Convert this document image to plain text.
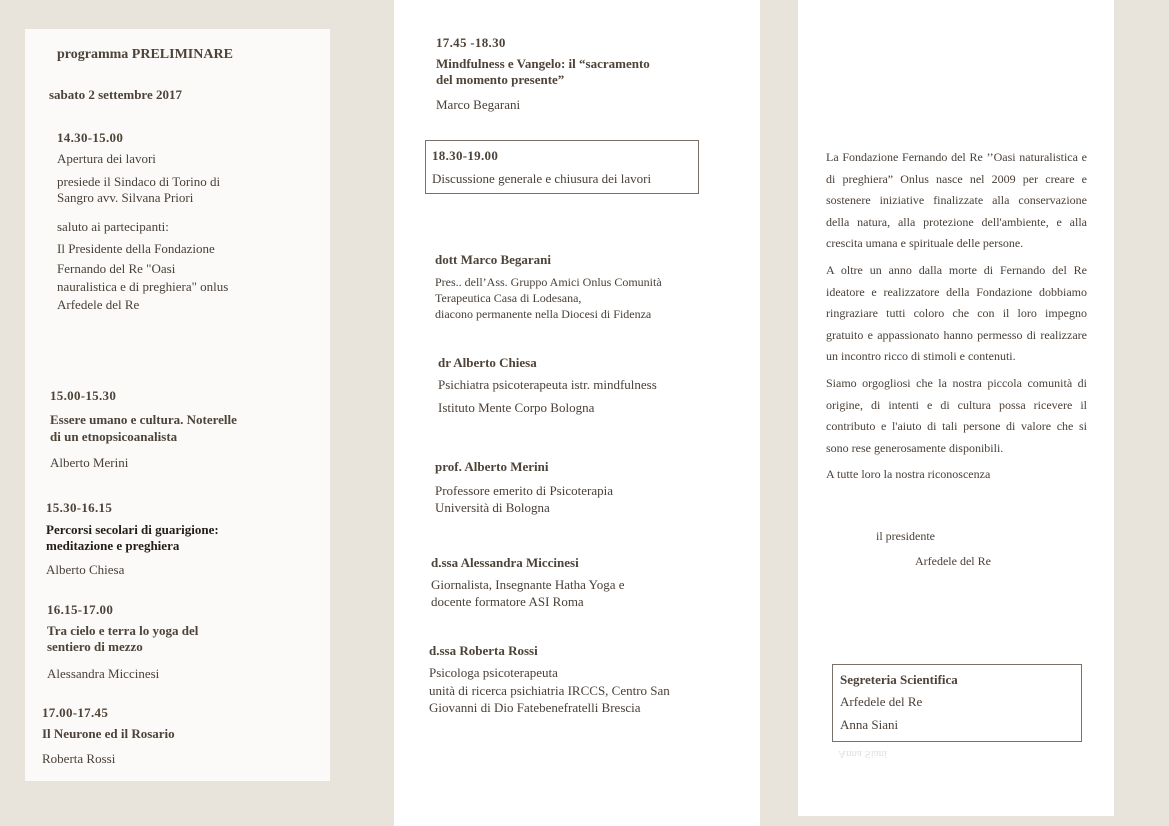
programma PRELIMINARE
sabato 2 settembre 2017
14.30-15.00
Apertura dei lavori
presiede il Sindaco di Torino di
Sangro avv. Silvana Priori
saluto ai partecipanti:
Il Presidente della Fondazione
Fernando del Re "Oasi
nauralistica e di preghiera" onlus
Arfedele del Re
15.00-15.30
Essere umano e cultura. Noterelle
di un etnopsicoanalista
Alberto Merini
15.30-16.15
Percorsi secolari di guarigione:
meditazione e preghiera
Alberto Chiesa
16.15-17.00
Tra cielo e terra lo yoga del
sentiero di mezzo
Alessandra Miccinesi
17.00-17.45
Il Neurone ed il Rosario
Roberta Rossi
17.45 -18.30
Mindfulness e Vangelo: il “sacramento
del momento presente”
Marco Begarani
18.30-19.00
Discussione generale e chiusura dei lavori
dott Marco Begarani
Pres.. dell’Ass. Gruppo Amici Onlus Comunità
Terapeutica Casa di Lodesana,
diacono permanente nella Diocesi di Fidenza
dr Alberto Chiesa
Psichiatra psicoterapeuta istr. mindfulness
Istituto Mente Corpo Bologna
prof. Alberto Merini
Professore emerito di Psicoterapia
Università di Bologna
d.ssa Alessandra Miccinesi
Giornalista, Insegnante Hatha Yoga e
docente formatore ASI Roma
d.ssa Roberta Rossi
Psicologa psicoterapeuta
unità di ricerca psichiatria IRCCS, Centro San
Giovanni di Dio Fatebenefratelli Brescia

La Fondazione Fernando del Re ’’Oasi naturalistica e di preghiera” Onlus nasce nel 2009 per creare e sostenere iniziative finalizzate alla conservazione della natura, alla protezione dell'ambiente, e alla crescita umana e spirituale delle persone.

A oltre un anno dalla morte di Fernando del Re ideatore e realizzatore della Fondazione dobbiamo ringraziare tutti coloro che con il loro impegno gratuito e appassionato hanno permesso di realizzare un incontro ricco di stimoli e contenuti.

Siamo orgogliosi che la nostra piccola comunità di origine, di intenti e di cultura possa ricevere il contributo e l'aiuto di tali persone di valore che si sono rese generosamente disponibili.

A tutte loro la nostra riconoscenza

il presidente
Arfedele del Re
Segreteria Scientifica
Arfedele del Re
Anna Siani
Anna Siani
